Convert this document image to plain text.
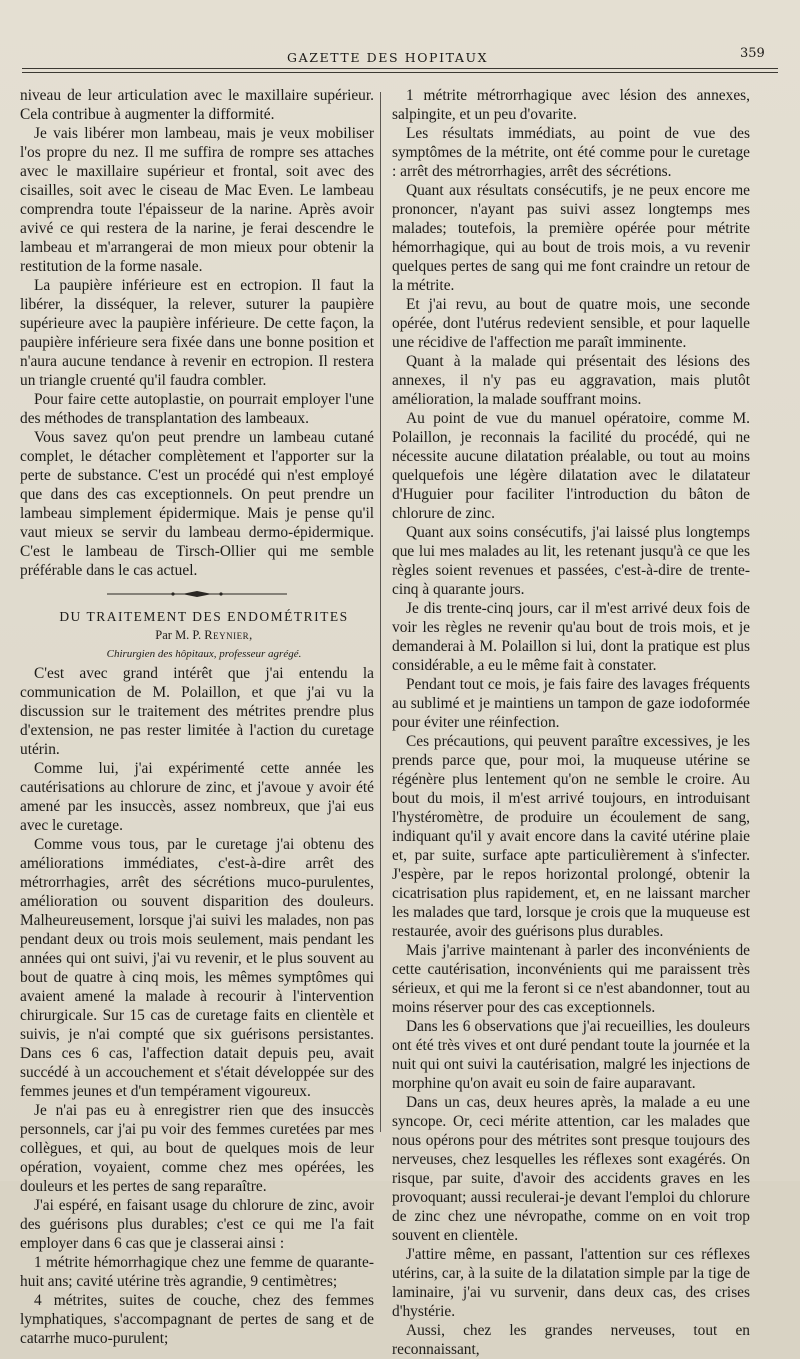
GAZETTE DES HOPITAUX	359

niveau de leur articulation avec le maxillaire supérieur. Cela contribue à augmenter la difformité.

Je vais libérer mon lambeau, mais je veux mobiliser l'os propre du nez. Il me suffira de rompre ses attaches avec le maxillaire supérieur et frontal, soit avec des cisailles, soit avec le ciseau de Mac Even. Le lambeau comprendra toute l'épaisseur de la narine. Après avoir avivé ce qui restera de la narine, je ferai descendre le lambeau et m'arrangerai de mon mieux pour obtenir la restitution de la forme nasale.

La paupière inférieure est en ectropion. Il faut la libérer, la disséquer, la relever, suturer la paupière supérieure avec la paupière inférieure. De cette façon, la paupière inférieure sera fixée dans une bonne position et n'aura aucune tendance à revenir en ectropion. Il restera un triangle cruenté qu'il faudra combler.

Pour faire cette autoplastie, on pourrait employer l'une des méthodes de transplantation des lambeaux.

Vous savez qu'on peut prendre un lambeau cutané complet, le détacher complètement et l'apporter sur la perte de substance. C'est un procédé qui n'est employé que dans des cas exceptionnels. On peut prendre un lambeau simplement épidermique. Mais je pense qu'il vaut mieux se servir du lambeau dermo-épidermique. C'est le lambeau de Tirsch-Ollier qui me semble préférable dans le cas actuel.

DU TRAITEMENT DES ENDOMÉTRITES

Par M. P. Reynier,

Chirurgien des hôpitaux, professeur agrégé.

C'est avec grand intérêt que j'ai entendu la communication de M. Polaillon, et que j'ai vu la discussion sur le traitement des métrites prendre plus d'extension, ne pas rester limitée à l'action du curetage utérin.

Comme lui, j'ai expérimenté cette année les cautérisations au chlorure de zinc, et j'avoue y avoir été amené par les insuccès, assez nombreux, que j'ai eus avec le curetage.

Comme vous tous, par le curetage j'ai obtenu des améliorations immédiates, c'est-à-dire arrêt des métrorrhagies, arrêt des sécrétions muco-purulentes, amélioration ou souvent disparition des douleurs. Malheureusement, lorsque j'ai suivi les malades, non pas pendant deux ou trois mois seulement, mais pendant les années qui ont suivi, j'ai vu revenir, et le plus souvent au bout de quatre à cinq mois, les mêmes symptômes qui avaient amené la malade à recourir à l'intervention chirurgicale. Sur 15 cas de curetage faits en clientèle et suivis, je n'ai compté que six guérisons persistantes. Dans ces 6 cas, l'affection datait depuis peu, avait succédé à un accouchement et s'était développée sur des femmes jeunes et d'un tempérament vigoureux.

Je n'ai pas eu à enregistrer rien que des insuccès personnels, car j'ai pu voir des femmes curetées par mes collègues, et qui, au bout de quelques mois de leur opération, voyaient, comme chez mes opérées, les douleurs et les pertes de sang reparaître.

J'ai espéré, en faisant usage du chlorure de zinc, avoir des guérisons plus durables; c'est ce qui me l'a fait employer dans 6 cas que je classerai ainsi :

1 métrite hémorrhagique chez une femme de quarante-huit ans; cavité utérine très agrandie, 9 centimètres;

4 métrites, suites de couche, chez des femmes lymphatiques, s'accompagnant de pertes de sang et de catarrhe muco-purulent;

1 métrite métrorrhagique avec lésion des annexes, salpingite, et un peu d'ovarite.

Les résultats immédiats, au point de vue des symptômes de la métrite, ont été comme pour le curetage : arrêt des métrorrhagies, arrêt des sécrétions.

Quant aux résultats consécutifs, je ne peux encore me prononcer, n'ayant pas suivi assez longtemps mes malades; toutefois, la première opérée pour métrite hémorrhagique, qui au bout de trois mois, a vu revenir quelques pertes de sang qui me font craindre un retour de la métrite.

Et j'ai revu, au bout de quatre mois, une seconde opérée, dont l'utérus redevient sensible, et pour laquelle une récidive de l'affection me paraît imminente.

Quant à la malade qui présentait des lésions des annexes, il n'y pas eu aggravation, mais plutôt amélioration, la malade souffrant moins.

Au point de vue du manuel opératoire, comme M. Polaillon, je reconnais la facilité du procédé, qui ne nécessite aucune dilatation préalable, ou tout au moins quelquefois une légère dilatation avec le dilatateur d'Huguier pour faciliter l'introduction du bâton de chlorure de zinc.

Quant aux soins consécutifs, j'ai laissé plus longtemps que lui mes malades au lit, les retenant jusqu'à ce que les règles soient revenues et passées, c'est-à-dire de trente-cinq à quarante jours.

Je dis trente-cinq jours, car il m'est arrivé deux fois de voir les règles ne revenir qu'au bout de trois mois, et je demanderai à M. Polaillon si lui, dont la pratique est plus considérable, a eu le même fait à constater.

Pendant tout ce mois, je fais faire des lavages fréquents au sublimé et je maintiens un tampon de gaze iodoformée pour éviter une réinfection.

Ces précautions, qui peuvent paraître excessives, je les prends parce que, pour moi, la muqueuse utérine se régénère plus lentement qu'on ne semble le croire. Au bout du mois, il m'est arrivé toujours, en introduisant l'hystéromètre, de produire un écoulement de sang, indiquant qu'il y avait encore dans la cavité utérine plaie et, par suite, surface apte particulièrement à s'infecter. J'espère, par le repos horizontal prolongé, obtenir la cicatrisation plus rapidement, et, en ne laissant marcher les malades que tard, lorsque je crois que la muqueuse est restaurée, avoir des guérisons plus durables.

Mais j'arrive maintenant à parler des inconvénients de cette cautérisation, inconvénients qui me paraissent très sérieux, et qui me la feront si ce n'est abandonner, tout au moins réserver pour des cas exceptionnels.

Dans les 6 observations que j'ai recueillies, les douleurs ont été très vives et ont duré pendant toute la journée et la nuit qui ont suivi la cautérisation, malgré les injections de morphine qu'on avait eu soin de faire auparavant.

Dans un cas, deux heures après, la malade a eu une syncope. Or, ceci mérite attention, car les malades que nous opérons pour des métrites sont presque toujours des nerveuses, chez lesquelles les réflexes sont exagérés. On risque, par suite, d'avoir des accidents graves en les provoquant; aussi reculerai-je devant l'emploi du chlorure de zinc chez une névropathe, comme on en voit trop souvent en clientèle.

J'attire même, en passant, l'attention sur ces réflexes utérins, car, à la suite de la dilatation simple par la tige de laminaire, j'ai vu survenir, dans deux cas, des crises d'hystérie.

Aussi, chez les grandes nerveuses, tout en reconnaissant,
